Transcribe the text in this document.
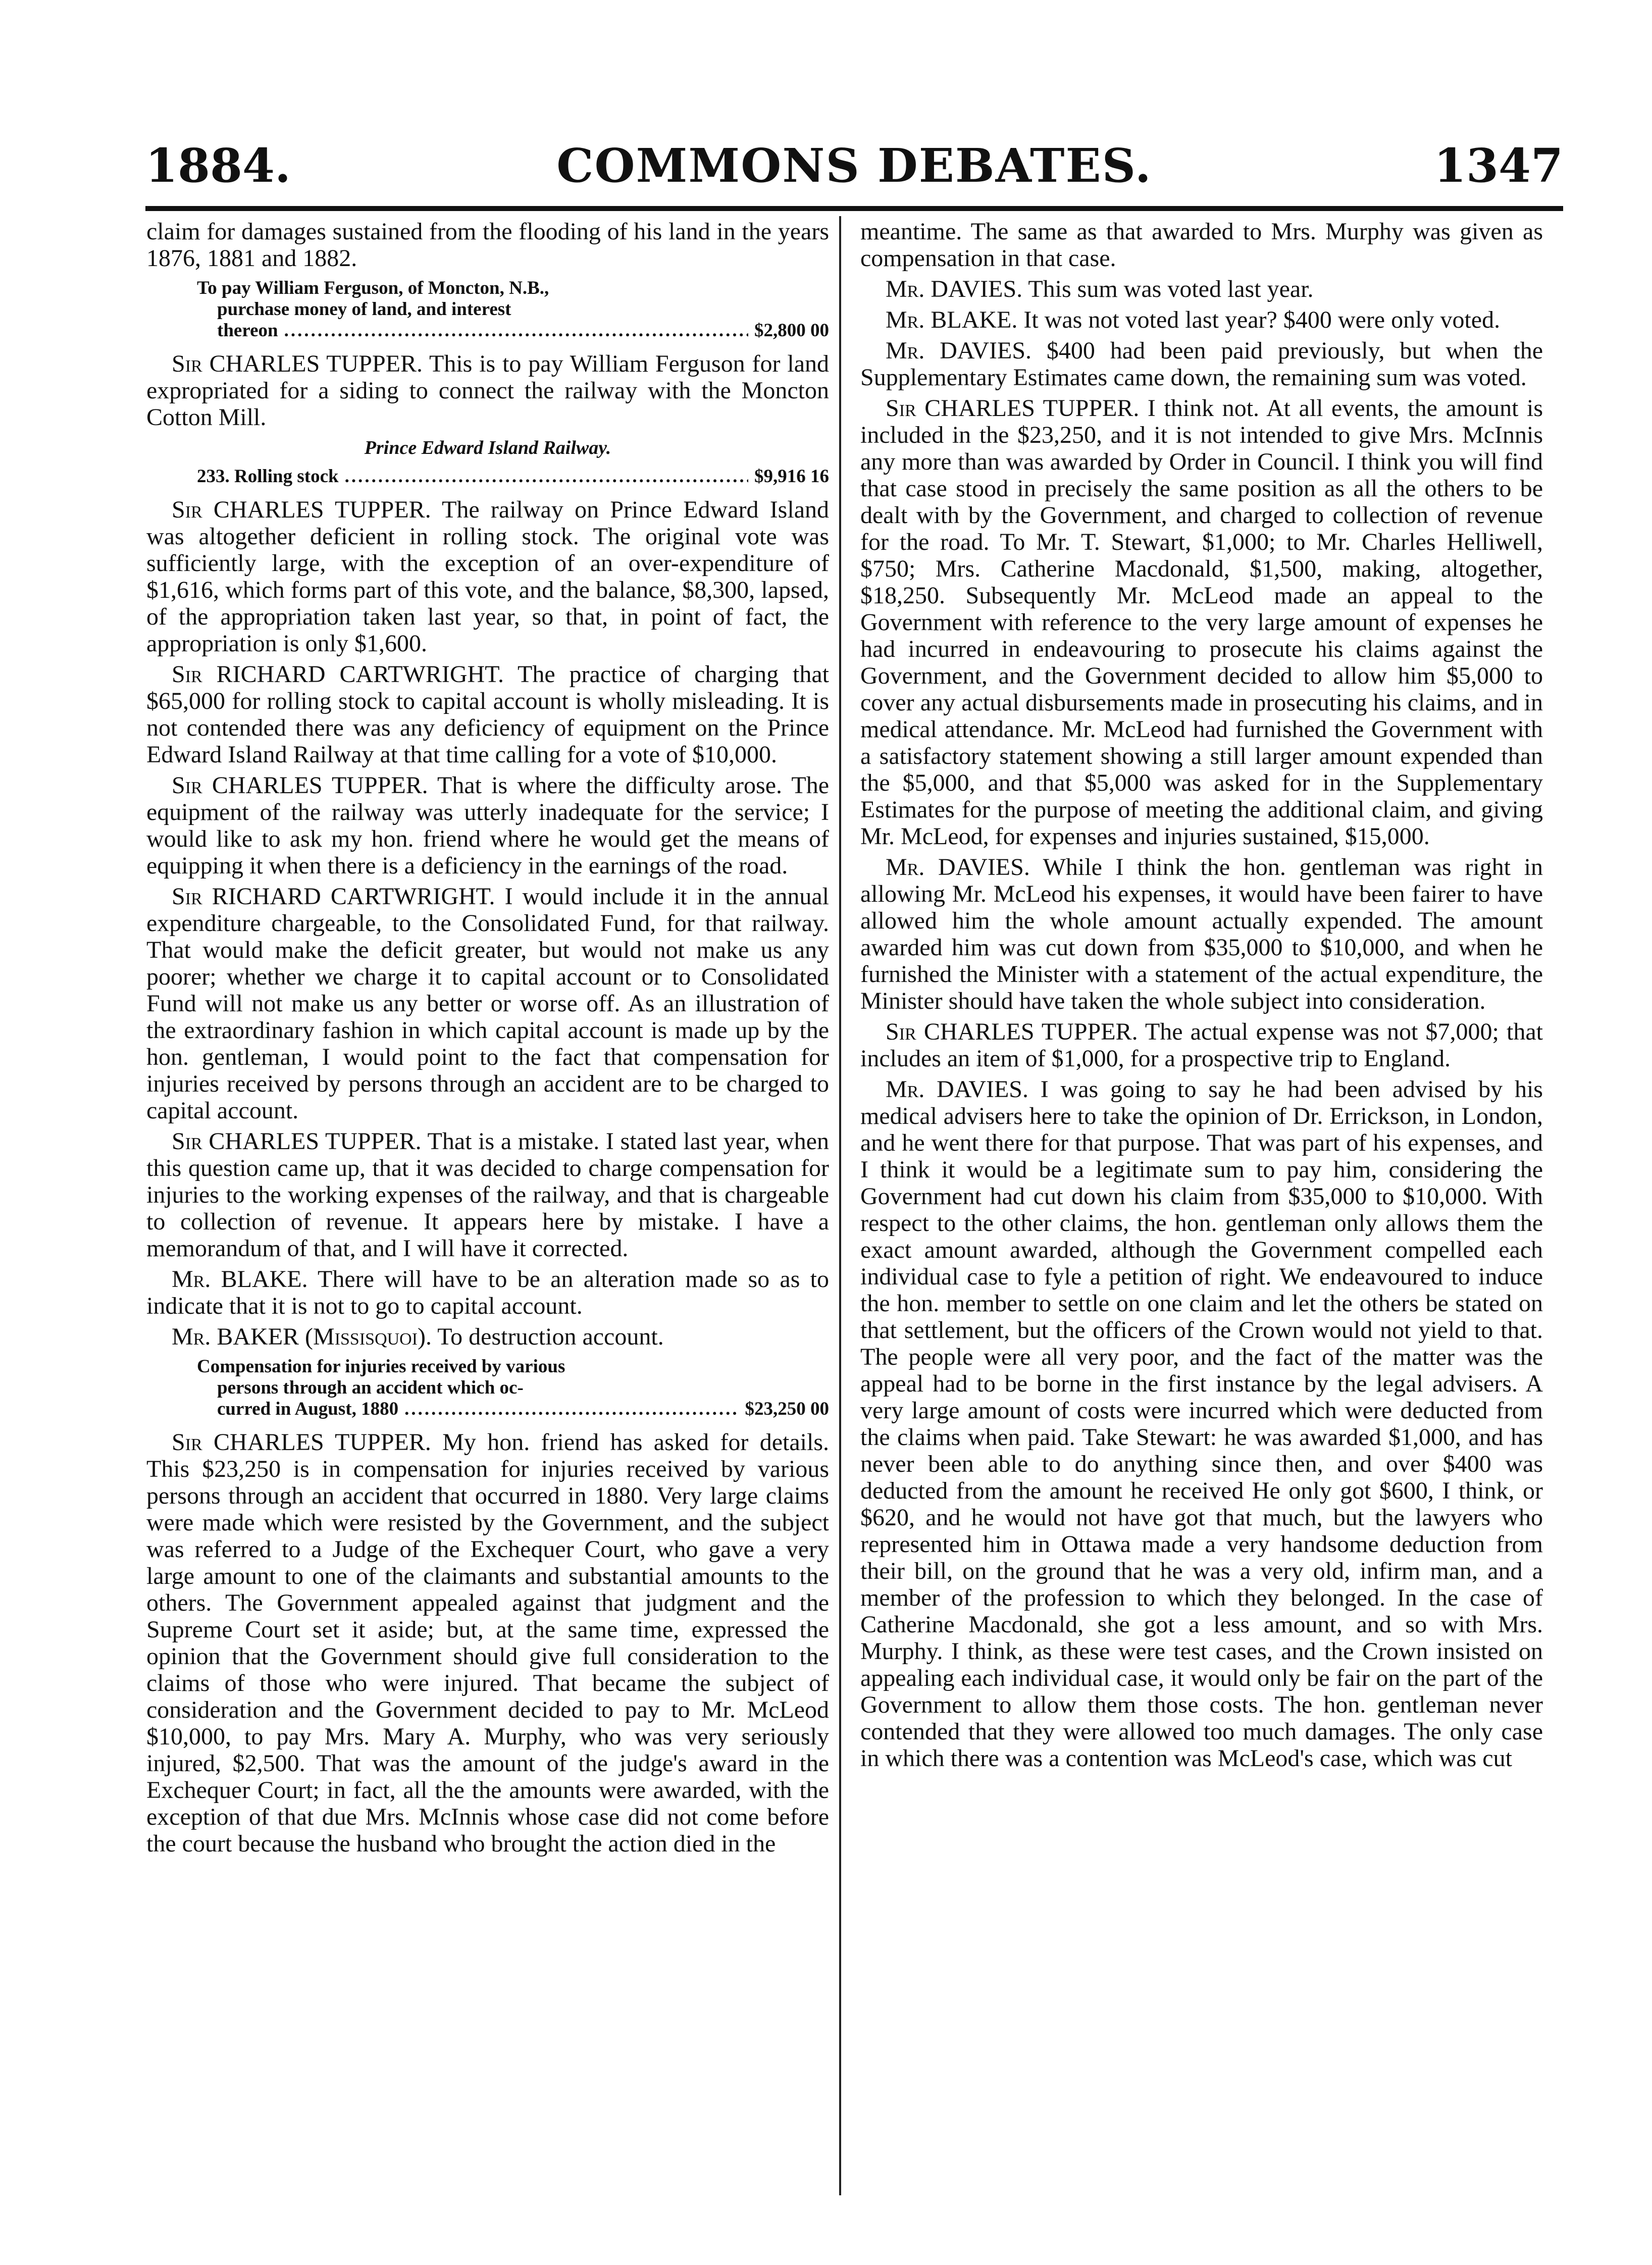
1884.	COMMONS DEBATES.	1347

claim for damages sustained from the flooding of his land in the years 1876, 1881 and 1882.

To pay William Ferguson, of Moncton, N.B.,
purchase money of land, and interest
thereon .....	$2,800 00

Sir CHARLES TUPPER. This is to pay William Ferguson for land expropriated for a siding to connect the railway with the Moncton Cotton Mill.

Prince Edward Island Railway.
233. Rolling stock .....	$9,916 16

Sir CHARLES TUPPER. The railway on Prince Edward Island was altogether deficient in rolling stock. The original vote was sufficiently large, with the exception of an over-expenditure of $1,616, which forms part of this vote, and the balance, $8,300, lapsed, of the appropriation taken last year, so that, in point of fact, the appropriation is only $1,600.

Sir RICHARD CARTWRIGHT. The practice of charging that $65,000 for rolling stock to capital account is wholly misleading. It is not contended there was any deficiency of equipment on the Prince Edward Island Railway at that time calling for a vote of $10,000.

Sir CHARLES TUPPER. That is where the difficulty arose. The equipment of the railway was utterly inadequate for the service; I would like to ask my hon. friend where he would get the means of equipping it when there is a deficiency in the earnings of the road.

Sir RICHARD CARTWRIGHT. I would include it in the annual expenditure chargeable, to the Consolidated Fund, for that railway. That would make the deficit greater, but would not make us any poorer; whether we charge it to capital account or to Consolidated Fund will not make us any better or worse off. As an illustration of the extraordinary fashion in which capital account is made up by the hon. gentleman, I would point to the fact that compensation for injuries received by persons through an accident are to be charged to capital account.

Sir CHARLES TUPPER. That is a mistake. I stated last year, when this question came up, that it was decided to charge compensation for injuries to the working expenses of the railway, and that is chargeable to collection of revenue. It appears here by mistake. I have a memorandum of that, and I will have it corrected.

Mr. BLAKE. There will have to be an alteration made so as to indicate that it is not to go to capital account.

Mr. BAKER (Missisquoi). To destruction account.

Compensation for injuries received by various
persons through an accident which oc-
curred in August, 1880 .....	$23,250 00

Sir CHARLES TUPPER. My hon. friend has asked for details. This $23,250 is in compensation for injuries received by various persons through an accident that occurred in 1880. Very large claims were made which were resisted by the Government, and the subject was referred to a Judge of the Exchequer Court, who gave a very large amount to one of the claimants and substantial amounts to the others. The Government appealed against that judgment and the Supreme Court set it aside; but, at the same time, expressed the opinion that the Government should give full consideration to the claims of those who were injured. That became the subject of consideration and the Government decided to pay to Mr. McLeod $10,000, to pay Mrs. Mary A. Murphy, who was very seriously injured, $2,500. That was the amount of the judge's award in the Exchequer Court; in fact, all the the amounts were awarded, with the exception of that due Mrs. McInnis whose case did not come before the court because the husband who brought the action died in the

meantime. The same as that awarded to Mrs. Murphy was given as compensation in that case.

Mr. DAVIES. This sum was voted last year.

Mr. BLAKE. It was not voted last year? $400 were only voted.

Mr. DAVIES. $400 had been paid previously, but when the Supplementary Estimates came down, the remaining sum was voted.

Sir CHARLES TUPPER. I think not. At all events, the amount is included in the $23,250, and it is not intended to give Mrs. McInnis any more than was awarded by Order in Council. I think you will find that case stood in precisely the same position as all the others to be dealt with by the Government, and charged to collection of revenue for the road. To Mr. T. Stewart, $1,000; to Mr. Charles Helliwell, $750; Mrs. Catherine Macdonald, $1,500, making, altogether, $18,250. Subsequently Mr. McLeod made an appeal to the Government with reference to the very large amount of expenses he had incurred in endeavouring to prosecute his claims against the Government, and the Government decided to allow him $5,000 to cover any actual disbursements made in prosecuting his claims, and in medical attendance. Mr. McLeod had furnished the Government with a satisfactory statement showing a still larger amount expended than the $5,000, and that $5,000 was asked for in the Supplementary Estimates for the purpose of meeting the additional claim, and giving Mr. McLeod, for expenses and injuries sustained, $15,000.

Mr. DAVIES. While I think the hon. gentleman was right in allowing Mr. McLeod his expenses, it would have been fairer to have allowed him the whole amount actually expended. The amount awarded him was cut down from $35,000 to $10,000, and when he furnished the Minister with a statement of the actual expenditure, the Minister should have taken the whole subject into consideration.

Sir CHARLES TUPPER. The actual expense was not $7,000; that includes an item of $1,000, for a prospective trip to England.

Mr. DAVIES. I was going to say he had been advised by his medical advisers here to take the opinion of Dr. Errickson, in London, and he went there for that purpose. That was part of his expenses, and I think it would be a legitimate sum to pay him, considering the Government had cut down his claim from $35,000 to $10,000. With respect to the other claims, the hon. gentleman only allows them the exact amount awarded, although the Government compelled each individual case to fyle a petition of right. We endeavoured to induce the hon. member to settle on one claim and let the others be stated on that settlement, but the officers of the Crown would not yield to that. The people were all very poor, and the fact of the matter was the appeal had to be borne in the first instance by the legal advisers. A very large amount of costs were incurred which were deducted from the claims when paid. Take Stewart: he was awarded $1,000, and has never been able to do anything since then, and over $400 was deducted from the amount he received He only got $600, I think, or $620, and he would not have got that much, but the lawyers who represented him in Ottawa made a very handsome deduction from their bill, on the ground that he was a very old, infirm man, and a member of the profession to which they belonged. In the case of Catherine Macdonald, she got a less amount, and so with Mrs. Murphy. I think, as these were test cases, and the Crown insisted on appealing each individual case, it would only be fair on the part of the Government to allow them those costs. The hon. gentleman never contended that they were allowed too much damages. The only case in which there was a contention was McLeod's case, which was cut
